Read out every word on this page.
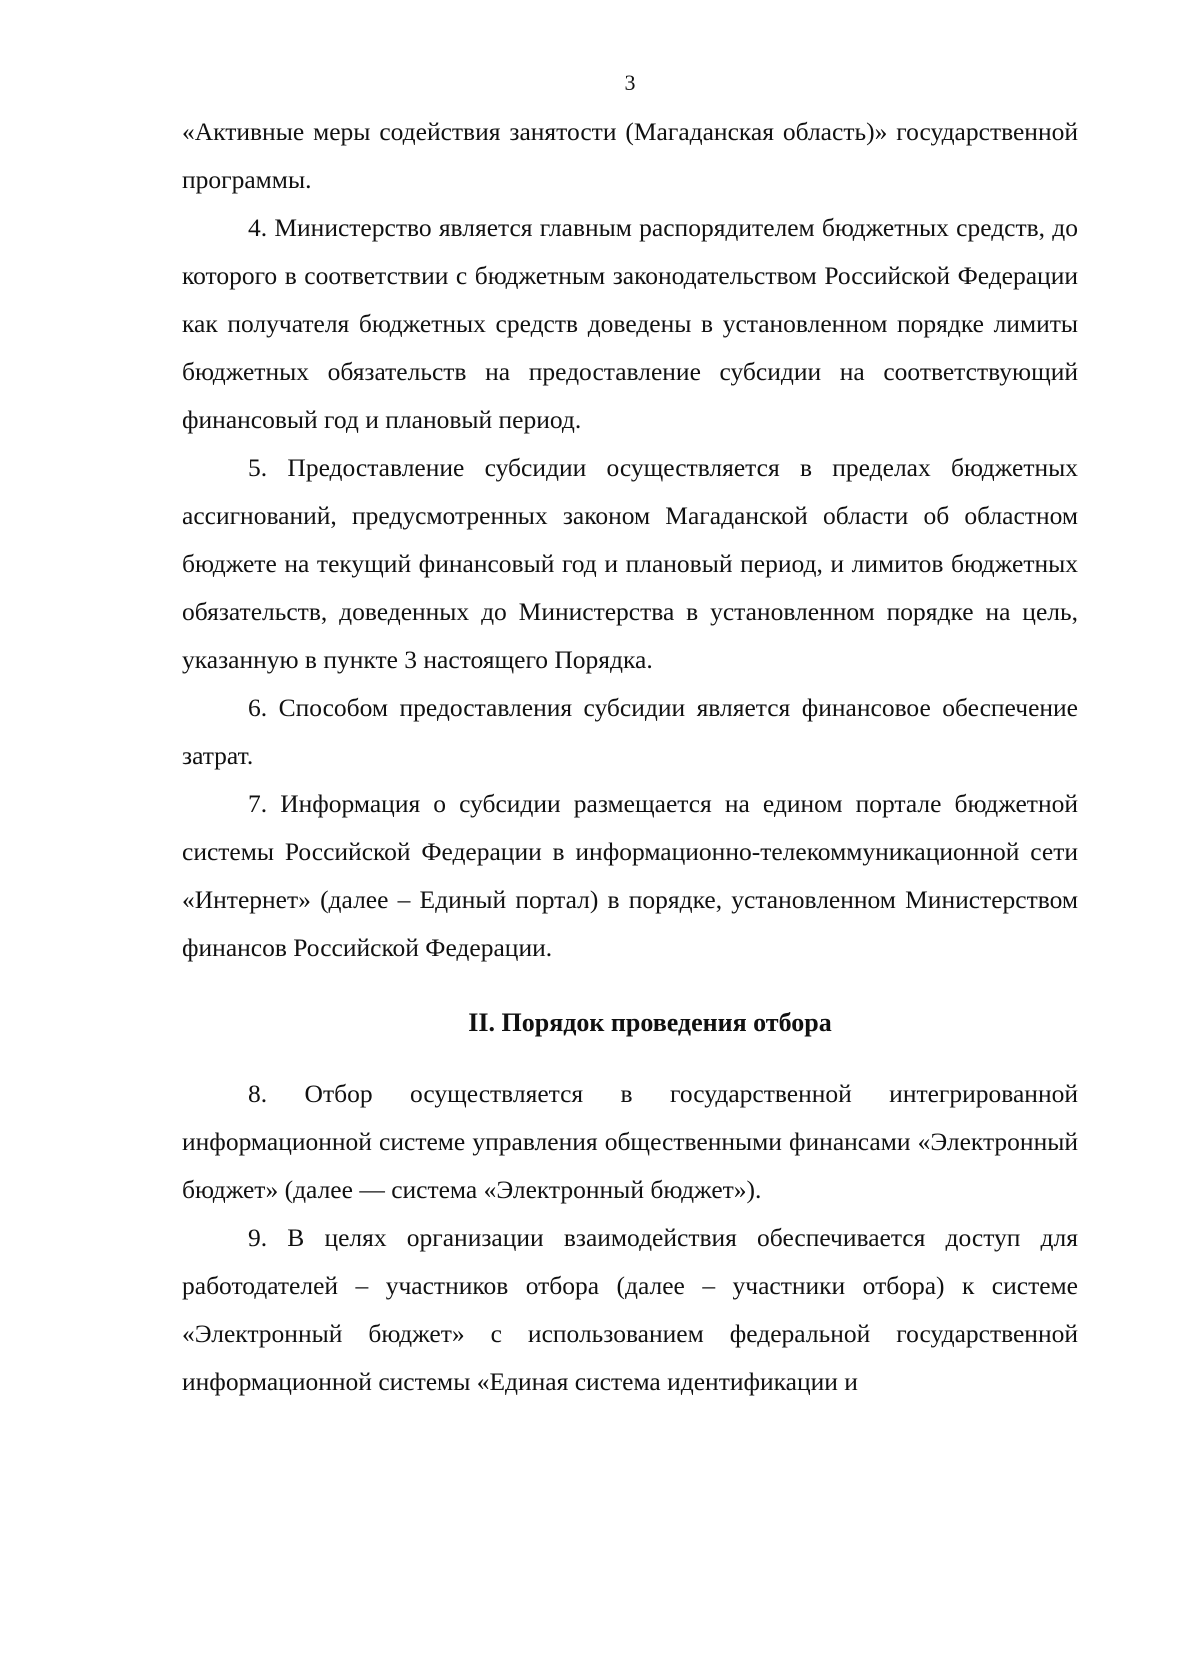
3

«Активные меры содействия занятости (Магаданская область)» государственной программы.

4. Министерство является главным распорядителем бюджетных средств, до которого в соответствии с бюджетным законодательством Российской Федерации как получателя бюджетных средств доведены в установленном порядке лимиты бюджетных обязательств на предоставление субсидии на соответствующий финансовый год и плановый период.

5. Предоставление субсидии осуществляется в пределах бюджетных ассигнований, предусмотренных законом Магаданской области об областном бюджете на текущий финансовый год и плановый период, и лимитов бюджетных обязательств, доведенных до Министерства в установленном порядке на цель, указанную в пункте 3 настоящего Порядка.

6. Способом предоставления субсидии является финансовое обеспечение затрат.

7. Информация о субсидии размещается на едином портале бюджетной системы Российской Федерации в информационно-телекоммуникационной сети «Интернет» (далее – Единый портал) в порядке, установленном Министерством финансов Российской Федерации.

II. Порядок проведения отбора

8. Отбор осуществляется в государственной интегрированной информационной системе управления общественными финансами «Электронный бюджет» (далее — система «Электронный бюджет»).

9. В целях организации взаимодействия обеспечивается доступ для работодателей – участников отбора (далее – участники отбора) к системе «Электронный бюджет» с использованием федеральной государственной информационной системы «Единая система идентификации и
